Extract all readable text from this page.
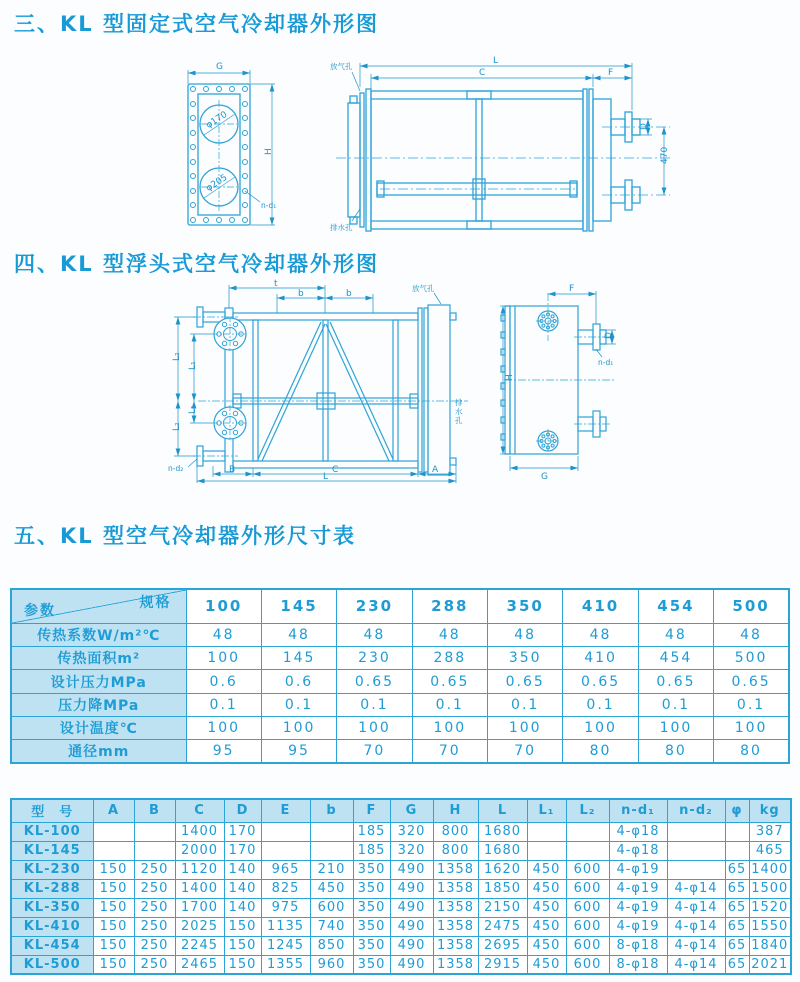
三、KL 型固定式空气冷却器外形图
φ170
φ205
G
H
n-d₁
L
C	F
D
470
放气孔
排水孔
四、KL 型浮头式空气冷却器外形图
t
b	b
L₂
L₂
L₁
L₁
B	C	A
L
放气孔
n-d₂
排水孔
F
D
n-d₁
H
G
五、KL 型空气冷却器外形尺寸表
规格
参数	100	145	230	288	350	410	454	500
传热系数W/m²℃	48	48	48	48	48	48	48	48
传热面积m²	100	145	230	288	350	410	454	500
设计压力MPa	0.6	0.6	0.65	0.65	0.65	0.65	0.65	0.65
压力降MPa	0.1	0.1	0.1	0.1	0.1	0.1	0.1	0.1
设计温度℃	100	100	100	100	100	100	100	100
通径mm	95	95	70	70	70	80	80	80
型　号	A	B	C	D	E	b	F	G	H	L	L₁	L₂	n-d₁	n-d₂	φ	kg
KL-100			1400	170			185	320	800	1680			4-φ18			387
KL-145			2000	170			185	320	800	1680			4-φ18			465
KL-230	150	250	1120	140	965	210	350	490	1358	1620	450	600	4-φ19		65	1400
KL-288	150	250	1400	140	825	450	350	490	1358	1850	450	600	4-φ19	4-φ14	65	1500
KL-350	150	250	1700	140	975	600	350	490	1358	2150	450	600	4-φ19	4-φ14	65	1520
KL-410	150	250	2025	150	1135	740	350	490	1358	2475	450	600	4-φ19	4-φ14	65	1550
KL-454	150	250	2245	150	1245	850	350	490	1358	2695	450	600	8-φ18	4-φ14	65	1840
KL-500	150	250	2465	150	1355	960	350	490	1358	2915	450	600	8-φ18	4-φ14	65	2021
